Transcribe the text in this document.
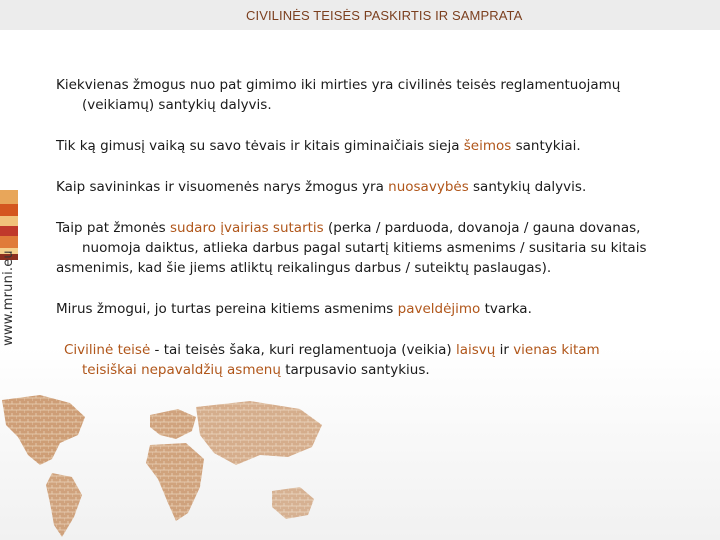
CIVILINĖS TEISĖS PASKIRTIS IR SAMPRATA
www.mruni.eu

Kiekvienas žmogus nuo pat gimimo iki mirties yra civilinės teisės reglamentuojamų
(veikiamų) santykių dalyvis.

Tik ką gimusį vaiką su savo tėvais ir kitais giminaičiais sieja šeimos santykiai.

Kaip savininkas ir visuomenės narys žmogus yra nuosavybės santykių dalyvis.

Taip pat žmonės sudaro įvairias sutartis (perka / parduoda, dovanoja / gauna dovanas,
nuomoja daiktus, atlieka darbus pagal sutartį kitiems asmenims / susitaria su kitais
asmenimis, kad šie jiems atliktų reikalingus darbus / suteiktų paslaugas).

Mirus žmogui, jo turtas pereina kitiems asmenims paveldėjimo tvarka.

Civilinė teisė - tai teisės šaka, kuri reglamentuoja (veikia) laisvų ir vienas kitam
teisiškai nepavaldžių asmenų tarpusavio santykius.
